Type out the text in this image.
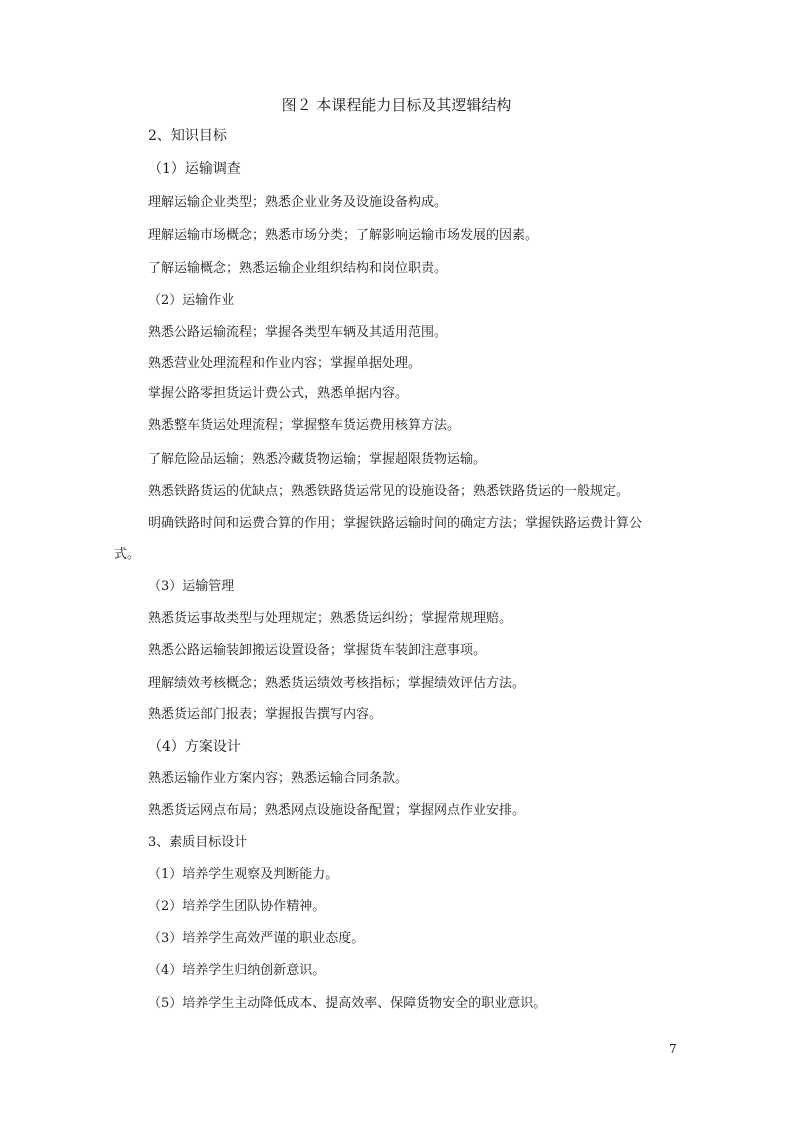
图２ 本课程能力目标及其逻辑结构

2、知识目标

（1）运输调查

理解运输企业类型；熟悉企业业务及设施设备构成。

理解运输市场概念；熟悉市场分类；了解影响运输市场发展的因素。

了解运输概念；熟悉运输企业组织结构和岗位职责。

（2）运输作业

熟悉公路运输流程；掌握各类型车辆及其适用范围。

熟悉营业处理流程和作业内容；掌握单据处理。

掌握公路零担货运计费公式，熟悉单据内容。

熟悉整车货运处理流程；掌握整车货运费用核算方法。

了解危险品运输；熟悉冷藏货物运输；掌握超限货物运输。

熟悉铁路货运的优缺点；熟悉铁路货运常见的设施设备；熟悉铁路货运的一般规定。

明确铁路时间和运费合算的作用；掌握铁路运输时间的确定方法；掌握铁路运费计算公

式。

（3）运输管理

熟悉货运事故类型与处理规定；熟悉货运纠纷；掌握常规理赔。

熟悉公路运输装卸搬运设置设备；掌握货车装卸注意事项。

理解绩效考核概念；熟悉货运绩效考核指标；掌握绩效评估方法。

熟悉货运部门报表；掌握报告撰写内容。

（4）方案设计

熟悉运输作业方案内容；熟悉运输合同条款。

熟悉货运网点布局；熟悉网点设施设备配置；掌握网点作业安排。

3、素质目标设计

（1）培养学生观察及判断能力。

（2）培养学生团队协作精神。

（3）培养学生高效严谨的职业态度。

（4）培养学生归纳创新意识。

（5）培养学生主动降低成本、提高效率、保障货物安全的职业意识。

7
